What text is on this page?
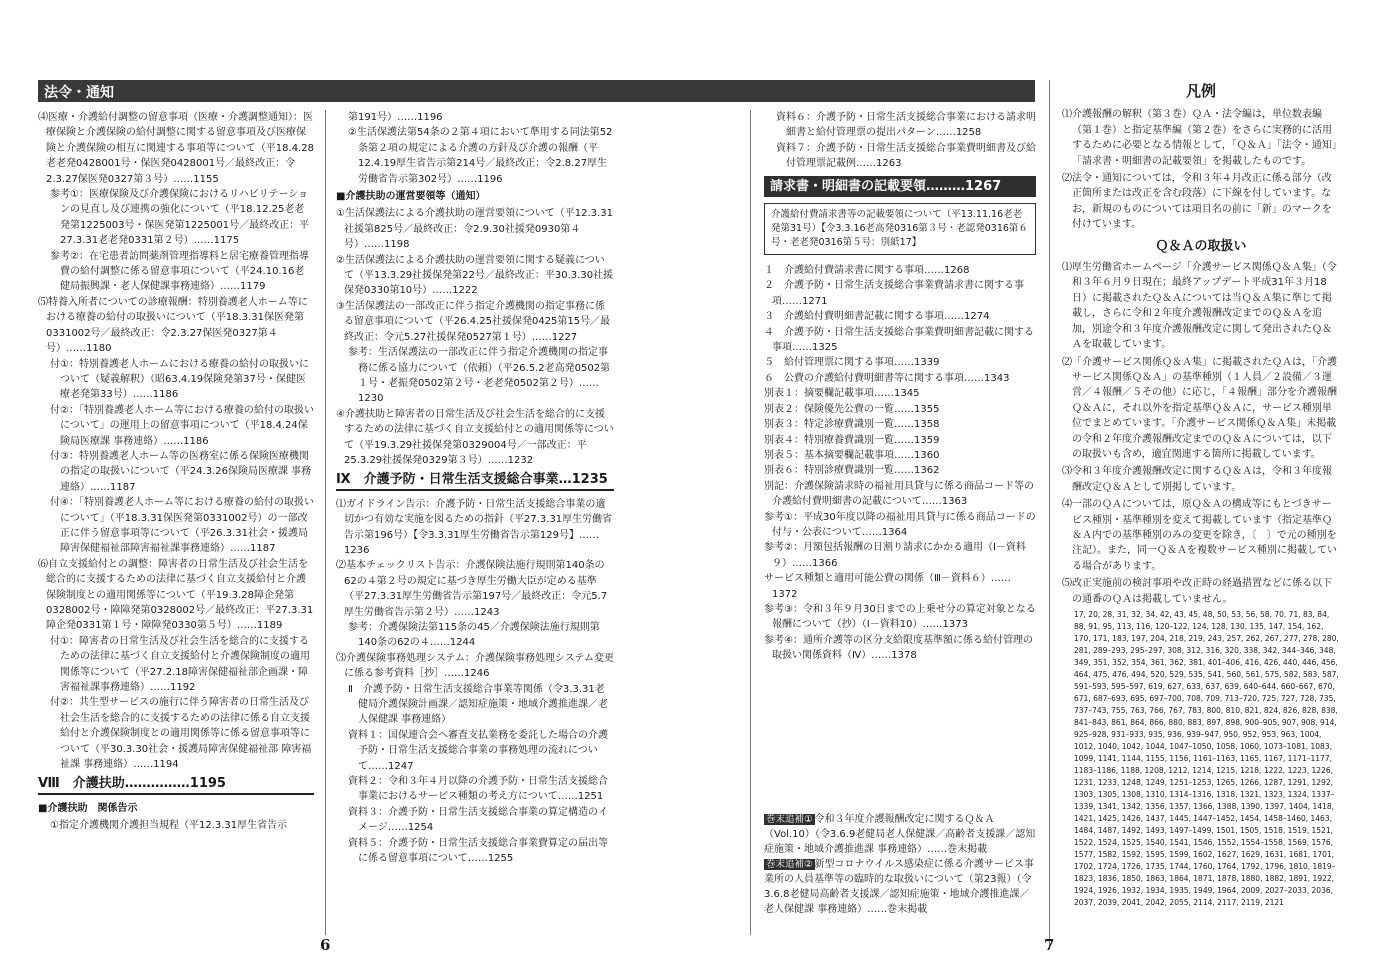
法令・通知
⑷医療・介護給付調整の留意事項（医療・介護調整通知）：医療保険と介護保険の給付調整に関する留意事項及び医療保険と介護保険の相互に関連する事項等について（平18.4.28老老発0428001号・保医発0428001号／最終改正：令2.3.27保医発0327第３号）……1155
参考①：医療保険及び介護保険におけるリハビリテーションの見直し及び連携の強化について（平18.12.25老老発第1225003号・保医発第1225001号／最終改正：平27.3.31老老発0331第２号）……1175
参考②：在宅患者訪問薬剤管理指導料と居宅療養管理指導費の給付調整に係る留意事項について（平24.10.16老健局振興課・老人保健課事務連絡）……1179
⑸特養入所者についての診療報酬：特別養護老人ホーム等における療養の給付の取扱いについて（平18.3.31保医発第0331002号／最終改正：令2.3.27保医発0327第４号）……1180
付①：特別養護老人ホームにおける療養の給付の取扱いについて（疑義解釈）（昭63.4.19保険発第37号・保健医療老発第33号）……1186
付②：「特別養護老人ホーム等における療養の給付の取扱いについて」の運用上の留意事項について（平18.4.24保険局医療課 事務連絡）……1186
付③：特別養護老人ホーム等の医務室に係る保険医療機関の指定の取扱いについて（平24.3.26保険局医療課 事務連絡）……1187
付④：「特別養護老人ホーム等における療養の給付の取扱いについて」（平18.3.31保医発第0331002号）の一部改正に伴う留意事項等について（平26.3.31社会・援護局障害保健福祉部障害福祉課事務連絡）……1187
⑹自立支援給付との調整：障害者の日常生活及び社会生活を総合的に支援するための法律に基づく自立支援給付と介護保険制度との適用関係等について（平19.3.28障企発第0328002号・障障発第0328002号／最終改正：平27.3.31障企発0331第１号・障障発0330第５号）……1189
付①：障害者の日常生活及び社会生活を総合的に支援するための法律に基づく自立支援給付と介護保険制度の適用関係等について（平27.2.18障害保健福祉部企画課・障害福祉課事務連絡）……1192
付②：共生型サービスの施行に伴う障害者の日常生活及び社会生活を総合的に支援するための法律に係る自立支援給付と介護保険制度との適用関係等に係る留意事項等について（平30.3.30社会・援護局障害保健福祉部 障害福祉課 事務連絡）……1194
Ⅷ　 介護扶助……………1195
■介護扶助　関係告示
①指定介護機関介護担当規程（平12.3.31厚生省告示
第191号）……1196
②生活保護法第54条の２第４項において準用する同法第52条第２項の規定による介護の方針及び介護の報酬（平12.4.19厚生省告示第214号／最終改正：令2.8.27厚生労働省告示第302号）……1196
■介護扶助の運営要領等（通知）
①生活保護法による介護扶助の運営要領について（平12.3.31社援第825号／最終改正：令2.9.30社援発0930第４号）……1198
②生活保護法による介護扶助の運営要領に関する疑義について（平13.3.29社援保発第22号／最終改正：平30.3.30社援保発0330第10号）……1222
③生活保護法の一部改正に伴う指定介護機関の指定事務に係る留意事項について（平26.4.25社援保発0425第15号／最終改正：令元5.27社援保発0527第１号）……1227
参考：生活保護法の一部改正に伴う指定介護機関の指定事務に係る協力について（依頼）（平26.5.2老高発0502第１号・老振発0502第２号・老老発0502第２号）……1230
④介護扶助と障害者の日常生活及び社会生活を総合的に支援するための法律に基づく自立支援給付との適用関係等について（平19.3.29社援保発第0329004号／一部改正：平25.3.29社援保発0329第３号）……1232
Ⅸ　 介護予防・日常生活支援総合事業…1235
⑴ガイドライン告示：介護予防・日常生活支援総合事業の適切かつ有効な実施を図るための指針（平27.3.31厚生労働省告示第196号）【令3.3.31厚生労働省告示第129号】……1236
⑵基本チェックリスト告示：介護保険法施行規則第140条の62の４第２号の規定に基づき厚生労働大臣が定める基準（平27.3.31厚生労働省告示第197号／最終改正：令元5.7厚生労働省告示第２号）……1243
参考：介護保険法第115条の45／介護保険法施行規則第140条の62の４……1244
⑶介護保険事務処理システム：介護保険事務処理システム変更に係る参考資料［抄］……1246
Ⅱ　介護予防・日常生活支援総合事業等関係（令3.3.31老健局介護保険計画課／認知症施策・地域介護推進課／老人保健課 事務連絡）
資料１：国保連合会へ審査支払業務を委託した場合の介護予防・日常生活支援総合事業の事務処理の流れについて……1247
資料２：令和３年４月以降の介護予防・日常生活支援総合事業におけるサービス種類の考え方について……1251
資料３：介護予防・日常生活支援総合事業の算定構造のイメージ……1254
資料５：介護予防・日常生活支援総合事業費算定の届出等に係る留意事項について……1255
資料６：介護予防・日常生活支援総合事業における請求明細書と給付管理票の提出パターン……1258
資料７：介護予防・日常生活支援総合事業費明細書及び給付管理票記載例……1263
請求書・明細書の記載要領………1267
介護給付費請求書等の記載要領について（平13.11.16老老発第31号）【令3.3.16老高発0316第３号・老認発0316第６号・老老発0316第５号：別紙17】
１　介護給付費請求書に関する事項……1268
２　介護予防・日常生活支援総合事業費請求書に関する事項……1271
３　介護給付費明細書記載に関する事項……1274
４　介護予防・日常生活支援総合事業費明細書記載に関する事項……1325
５　給付管理票に関する事項……1339
６　公費の介護給付費明細書等に関する事項……1343
別表１：摘要欄記載事項……1345
別表２：保険優先公費の一覧……1355
別表３：特定診療費識別一覧……1358
別表４：特別療養費識別一覧……1359
別表５：基本摘要欄記載事項……1360
別表６：特別診療費識別一覧……1362
別記：介護保険請求時の福祉用具貸与に係る商品コード等の介護給付費明細書の記載について……1363
参考①：平成30年度以降の福祉用具貸与に係る商品コードの付与・公表について……1364
参考②：月額包括報酬の日割り請求にかかる適用（Ⅰ－資料９）……1366
サービス種類と適用可能公費の関係（Ⅲ－資料６）……1372
参考③：令和３年９月30日までの上乗せ分の算定対象となる報酬について（抄）（Ⅰ－資料10）……1373
参考④：通所介護等の区分支給限度基準額に係る給付管理の取扱い関係資料（Ⅳ）……1378
巻末追補① 令和３年度介護報酬改定に関するＱ＆Ａ（Vol.10）（令3.6.9老健局老人保健課／高齢者支援課／認知症施策・地域介護推進課 事務連絡）……巻末掲載
巻末追補② 新型コロナウイルス感染症に係る介護サービス事業所の人員基準等の臨時的な取扱いについて（第23報）（令3.6.8老健局高齢者支援課／認知症施策・地域介護推進課／老人保健課 事務連絡）……巻末掲載
凡例
⑴介護報酬の解釈（第３巻）ＱＡ・法令編は，単位数表編（第１巻）と指定基準編（第２巻）をさらに実務的に活用するために必要となる情報として，「Ｑ＆Ａ」「法令・通知」「請求書・明細書の記載要領」を掲載したものです。
⑵法令・通知については，令和３年４月改正に係る部分（改正箇所または改正を含む段落）に下線を付しています。なお，新規のものについては項目名の前に「新」のマークを付けています。
Ｑ＆Ａの取扱い
⑴厚生労働省ホームページ「介護サービス関係Ｑ＆Ａ集」（令和３年６月９日現在；最終アップデート平成31年３月18日）に掲載されたＱ＆Ａについては当Ｑ＆Ａ集に準じて掲載し，さらに令和２年度介護報酬改定までのＱ＆Ａを追加，別途令和３年度介護報酬改定に関して発出されたＱ＆Ａを取載しています。
⑵「介護サービス関係Ｑ＆Ａ集」に掲載されたＱＡは，「介護サービス関係Ｑ＆Ａ」の基準種別（１人員／２設備／３運営／４報酬／５その他）に応じ，「４報酬」部分を介護報酬Ｑ＆Ａに，それ以外を指定基準Ｑ＆Ａに，サービス種別単位でまとめています。「介護サービス関係Ｑ＆Ａ集」未掲載の令和２年度介護報酬改定までのＱ＆Ａについては，以下の取扱いも含め，適宜関連する箇所に掲載しています。
⑶令和３年度介護報酬改定に関するＱ＆Ａは，令和３年度報酬改定Ｑ＆Ａとして別掲しています。
⑷一部のＱＡについては，原Ｑ＆Ａの構成等にもとづきサービス種別・基準種別を変えて掲載しています（指定基準Ｑ＆Ａ内での基準種別のみの変更を除き，〔　〕で元の種別を注記）。また，同一Ｑ＆Ａを複数サービス種別に掲載している場合があります。
⑸改正実施前の検討事項や改正時の経過措置などに係る以下の通番のＱＡは掲載していません。
17, 20, 28, 31, 32, 34, 42, 43, 45, 48, 50, 53, 56, 58, 70, 71, 83, 84, 88, 91, 95, 113, 116, 120–122, 124, 128, 130, 135, 147, 154, 162, 170, 171, 183, 197, 204, 218, 219, 243, 257, 262, 267, 277, 278, 280, 281, 289–293, 295–297, 308, 312, 316, 320, 338, 342, 344–346, 348, 349, 351, 352, 354, 361, 362, 381, 401–406, 416, 426, 440, 446, 456, 464, 475, 476, 494, 520, 529, 535, 541, 560, 561, 575, 582, 583, 587, 591–593, 595–597, 619, 627, 633, 637, 639, 640–644, 660–667, 670, 671, 687–693, 695, 697–700, 708, 709, 713–720, 725, 727, 728, 735, 737–743, 755, 763, 766, 767, 783, 800, 810, 821, 824, 826, 828, 838, 841–843, 861, 864, 866, 880, 883, 897, 898, 900–905, 907, 908, 914, 925–928, 931–933, 935, 936, 939–947, 950, 952, 953, 963, 1004, 1012, 1040, 1042, 1044, 1047–1050, 1058, 1060, 1073–1081, 1083, 1099, 1141, 1144, 1155, 1156, 1161–1163, 1165, 1167, 1171–1177, 1183–1186, 1188, 1208, 1212, 1214, 1215, 1218, 1222, 1223, 1226, 1231, 1233, 1248, 1249, 1251–1253, 1265, 1266, 1287, 1291, 1292, 1303, 1305, 1308, 1310, 1314–1316, 1318, 1321, 1323, 1324, 1337–1339, 1341, 1342, 1356, 1357, 1366, 1388, 1390, 1397, 1404, 1418, 1421, 1425, 1426, 1437, 1445, 1447–1452, 1454, 1458–1460, 1463, 1484, 1487, 1492, 1493, 1497–1499, 1501, 1505, 1518, 1519, 1521, 1522, 1524, 1525, 1540, 1541, 1546, 1552, 1554–1558, 1569, 1576, 1577, 1582, 1592, 1595, 1599, 1602, 1627, 1629, 1631, 1681, 1701, 1702, 1724, 1726, 1735, 1744, 1760, 1764, 1792, 1796, 1810, 1819–1823, 1836, 1850, 1863, 1864, 1871, 1878, 1880, 1882, 1891, 1922, 1924, 1926, 1932, 1934, 1935, 1949, 1964, 2009, 2027–2033, 2036, 2037, 2039, 2041, 2042, 2055, 2114, 2117, 2119, 2121
6	7
